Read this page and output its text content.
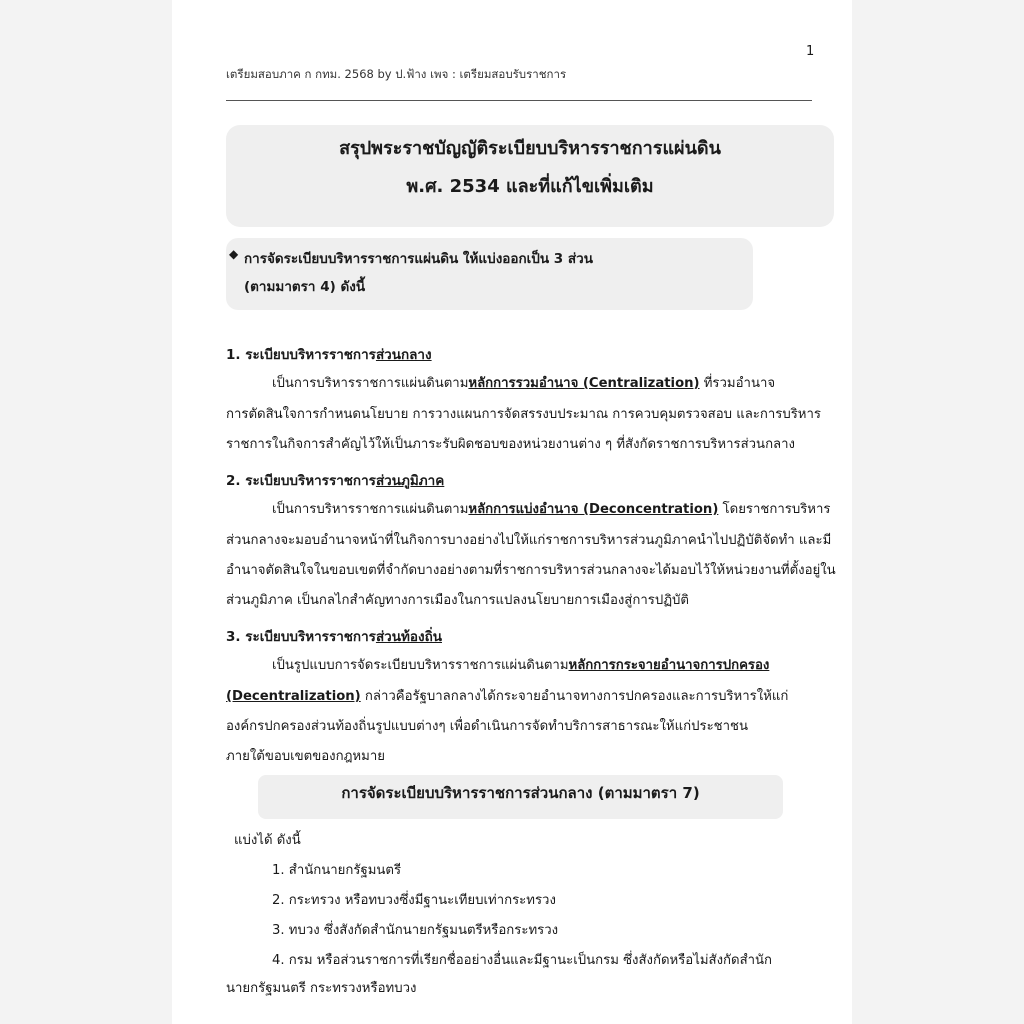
1
เตรียมสอบภาค ก กทม. 2568 by ป.ฟ้าง เพจ : เตรียมสอบรับราชการ
สรุปพระราชบัญญัติระเบียบบริหารราชการแผ่นดิน
พ.ศ. 2534 และที่แก้ไขเพิ่มเติม
◆ การจัดระเบียบบริหารราชการแผ่นดิน ให้แบ่งออกเป็น 3 ส่วน
(ตามมาตรา 4) ดังนี้
1. ระเบียบบริหารราชการส่วนกลาง
เป็นการบริหารราชการแผ่นดินตามหลักการรวมอำนาจ (Centralization) ที่รวมอำนาจ
การตัดสินใจการกำหนดนโยบาย การวางแผนการจัดสรรงบประมาณ การควบคุมตรวจสอบ และการบริหาร
ราชการในกิจการสำคัญไว้ให้เป็นภาระรับผิดชอบของหน่วยงานต่าง ๆ ที่สังกัดราชการบริหารส่วนกลาง
2. ระเบียบบริหารราชการส่วนภูมิภาค
เป็นการบริหารราชการแผ่นดินตามหลักการแบ่งอำนาจ (Deconcentration) โดยราชการบริหาร
ส่วนกลางจะมอบอำนาจหน้าที่ในกิจการบางอย่างไปให้แก่ราชการบริหารส่วนภูมิภาคนำไปปฏิบัติจัดทำ และมี
อำนาจตัดสินใจในขอบเขตที่จำกัดบางอย่างตามที่ราชการบริหารส่วนกลางจะได้มอบไว้ให้หน่วยงานที่ตั้งอยู่ใน
ส่วนภูมิภาค เป็นกลไกสำคัญทางการเมืองในการแปลงนโยบายการเมืองสู่การปฏิบัติ
3. ระเบียบบริหารราชการส่วนท้องถิ่น
เป็นรูปแบบการจัดระเบียบบริหารราชการแผ่นดินตามหลักการกระจายอำนาจการปกครอง
(Decentralization) กล่าวคือรัฐบาลกลางได้กระจายอำนาจทางการปกครองและการบริหารให้แก่
องค์กรปกครองส่วนท้องถิ่นรูปแบบต่างๆ เพื่อดำเนินการจัดทำบริการสาธารณะให้แก่ประชาชน
ภายใต้ขอบเขตของกฎหมาย
การจัดระเบียบบริหารราชการส่วนกลาง (ตามมาตรา 7)
แบ่งได้ ดังนี้
1. สำนักนายกรัฐมนตรี
2. กระทรวง หรือทบวงซึ่งมีฐานะเทียบเท่ากระทรวง
3. ทบวง ซึ่งสังกัดสำนักนายกรัฐมนตรีหรือกระทรวง
4. กรม หรือส่วนราชการที่เรียกชื่ออย่างอื่นและมีฐานะเป็นกรม ซึ่งสังกัดหรือไม่สังกัดสำนัก
นายกรัฐมนตรี กระทรวงหรือทบวง
